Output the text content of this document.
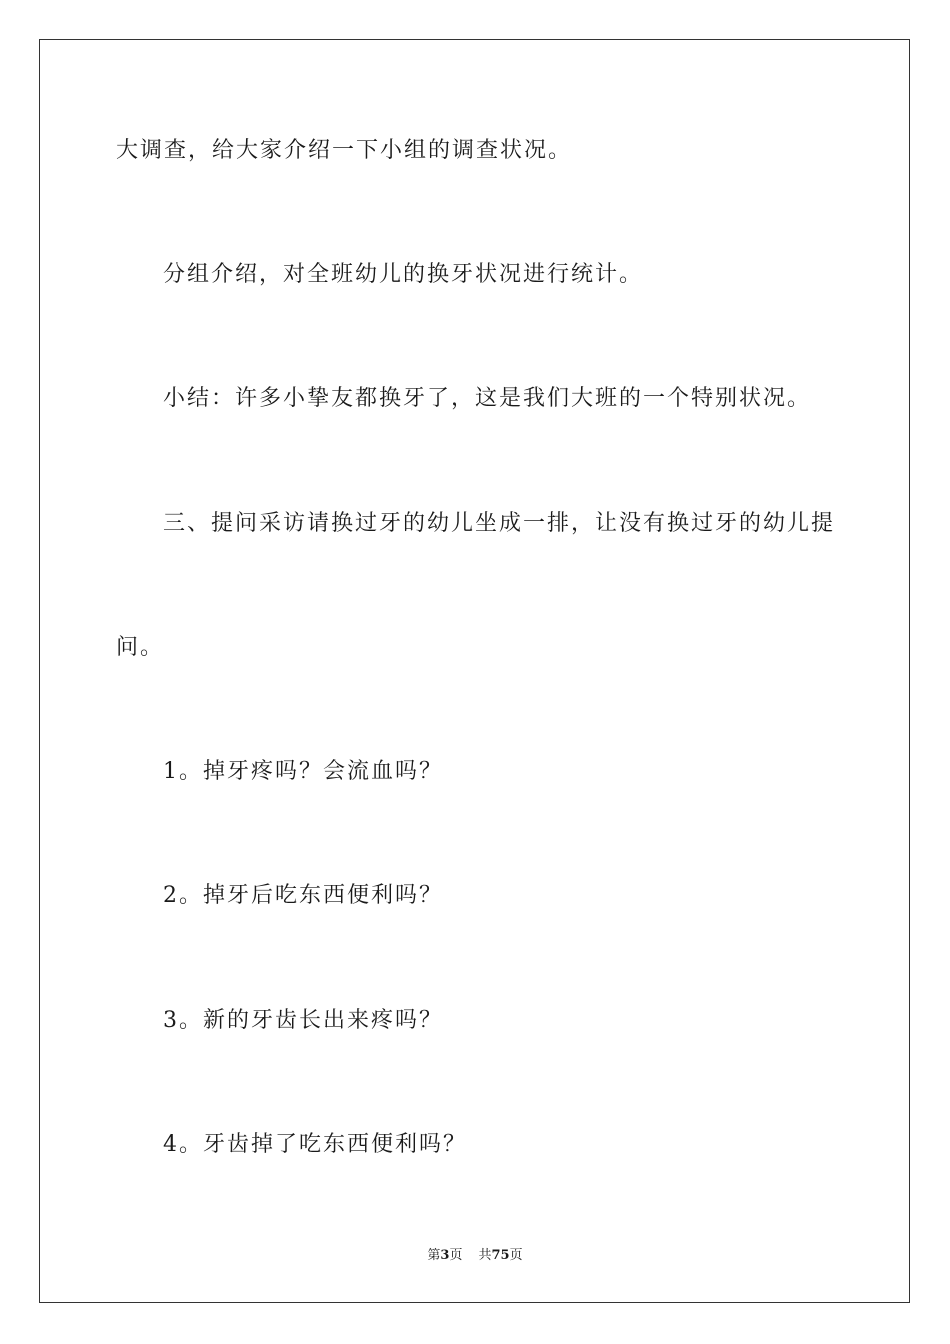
大调查，给大家介绍一下小组的调查状况。
分组介绍，对全班幼儿的换牙状况进行统计。
小结：许多小挚友都换牙了，这是我们大班的一个特别状况。
三、提问采访请换过牙的幼儿坐成一排，让没有换过牙的幼儿提
问。
1。掉牙疼吗？会流血吗？
2。掉牙后吃东西便利吗？
3。新的牙齿长出来疼吗？
4。牙齿掉了吃东西便利吗？
第3页 共75页
